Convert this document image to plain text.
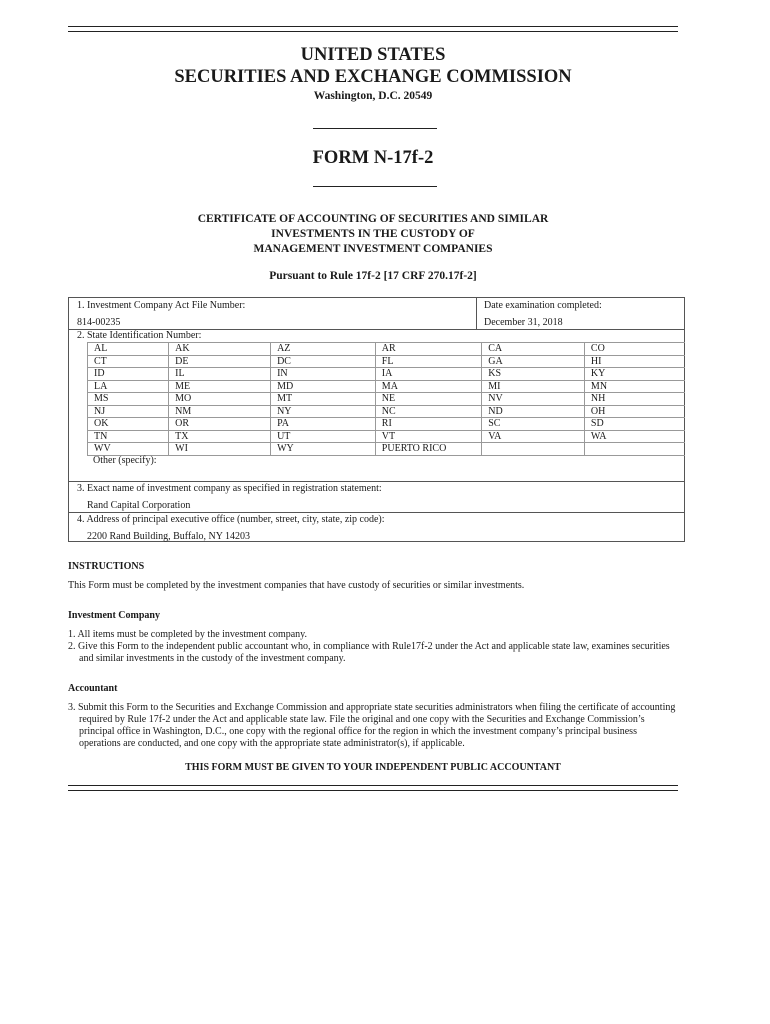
UNITED STATES
SECURITIES AND EXCHANGE COMMISSION
Washington, D.C. 20549
FORM N-17f-2
CERTIFICATE OF ACCOUNTING OF SECURITIES AND SIMILAR
INVESTMENTS IN THE CUSTODY OF
MANAGEMENT INVESTMENT COMPANIES
Pursuant to Rule 17f-2 [17 CRF 270.17f-2]
1. Investment Company Act File Number:	Date examination completed:
814-00235	December 31, 2018
2. State Identification Number:
AL	AK	AZ	AR	CA	CO
CT	DE	DC	FL	GA	HI
ID	IL	IN	IA	KS	KY
LA	ME	MD	MA	MI	MN
MS	MO	MT	NE	NV	NH
NJ	NM	NY	NC	ND	OH
OK	OR	PA	RI	SC	SD
TN	TX	UT	VT	VA	WA
WV	WI	WY	PUERTO RICO		
Other (specify):
3. Exact name of investment company as specified in registration statement:
Rand Capital Corporation
4. Address of principal executive office (number, street, city, state, zip code):
2200 Rand Building, Buffalo, NY 14203
INSTRUCTIONS
This Form must be completed by the investment companies that have custody of securities or similar investments.
Investment Company
1. All items must be completed by the investment company.
2. Give this Form to the independent public accountant who, in compliance with Rule17f-2 under the Act and applicable state law, examines securities and similar investments in the custody of the investment company.
Accountant
3. Submit this Form to the Securities and Exchange Commission and appropriate state securities administrators when filing the certificate of accounting required by Rule 17f-2 under the Act and applicable state law. File the original and one copy with the Securities and Exchange Commission’s principal office in Washington, D.C., one copy with the regional office for the region in which the investment company’s principal business operations are conducted, and one copy with the appropriate state administrator(s), if applicable.
THIS FORM MUST BE GIVEN TO YOUR INDEPENDENT PUBLIC ACCOUNTANT
